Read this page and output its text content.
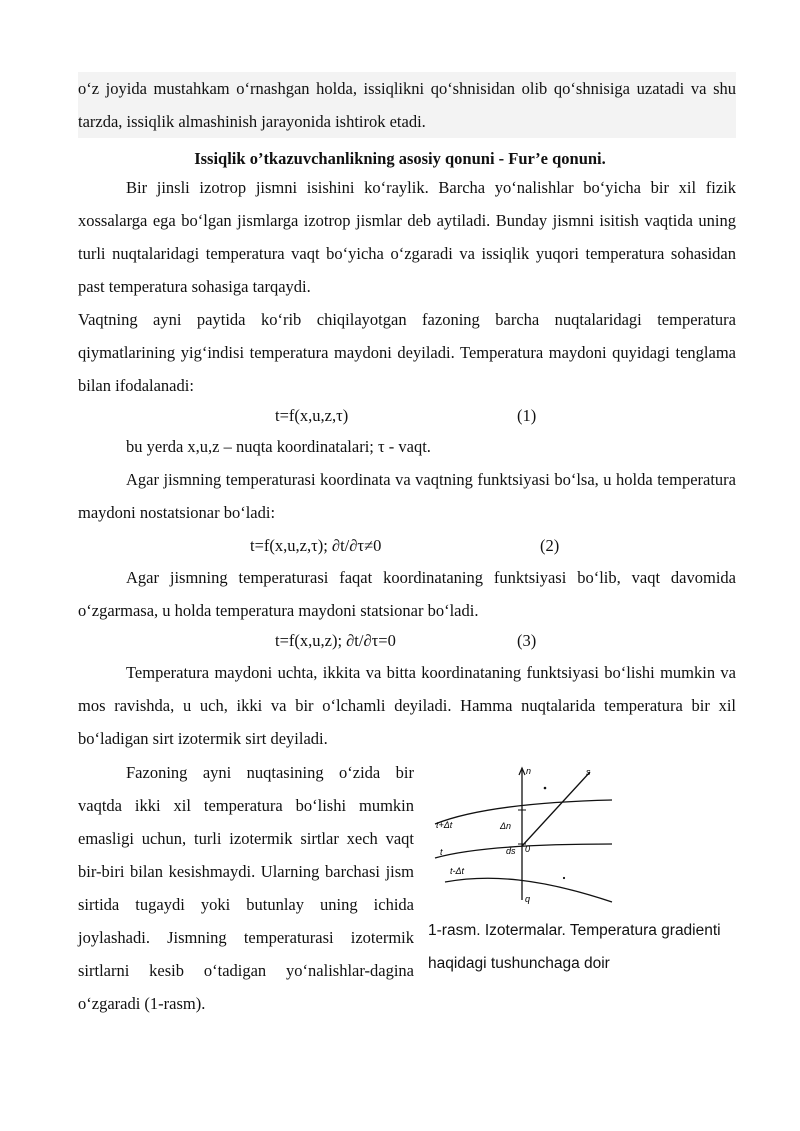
o‘z joyida mustahkam o‘rnashgan holda, issiqlikni qo‘shnisidan olib qo‘shnisiga uzatadi va shu tarzda, issiqlik almashinish jarayonida ishtirok etadi.
Issiqlik o’tkazuvchanlikning asosiy qonuni - Fur’e qonuni.
Bir jinsli izotrop jismni isishini ko‘raylik. Barcha yo‘nalishlar bo‘yicha bir xil fizik xossalarga ega bo‘lgan jismlarga izotrop jismlar deb aytiladi. Bunday jismni isitish vaqtida uning turli nuqtalaridagi temperatura vaqt bo‘yicha o‘zgaradi va issiqlik yuqori temperatura sohasidan past temperatura sohasiga tarqaydi.
Vaqtning ayni paytida ko‘rib chiqilayotgan fazoning barcha nuqtalaridagi temperatura qiymatlarining yig‘indisi temperatura maydoni deyiladi. Temperatura maydoni quyidagi tenglama bilan ifodalanadi:
t=f(x,u,z,τ)	(1)
bu yerda x,u,z – nuqta koordinatalari; τ - vaqt.
Agar jismning temperaturasi koordinata va vaqtning funktsiyasi bo‘lsa, u holda temperatura maydoni nostatsionar bo‘ladi:
t=f(x,u,z,τ); ∂t/∂τ≠0	(2)
Agar jismning temperaturasi faqat koordinataning funktsiyasi bo‘lib, vaqt davomida o‘zgarmasa, u holda temperatura maydoni statsionar bo‘ladi.
t=f(x,u,z); ∂t/∂τ=0	(3)
Temperatura maydoni uchta, ikkita va bitta koordinataning funktsiyasi bo‘lishi mumkin va mos ravishda, u uch, ikki va bir o‘lchamli deyiladi. Hamma nuqtalarida temperatura bir xil bo‘ladigan sirt izotermik sirt deyiladi.
Fazoning ayni nuqtasining o‘zida bir vaqtda ikki xil temperatura bo‘lishi mumkin emasligi uchun, turli izotermik sirtlar xech vaqt bir-biri bilan kesishmaydi. Ularning barchasi jism sirtida tugaydi yoki butunlay uning ichida joylashadi. Jismning temperaturasi izotermik sirtlarni kesib o‘tadigan yo‘nalishlar-dagina o‘zgaradi (1-rasm).
n	s
t+Δt	Δn
t	ds 0
t-Δt
q
1-rasm. Izotermalar. Temperatura gradienti haqidagi tushunchaga doir
